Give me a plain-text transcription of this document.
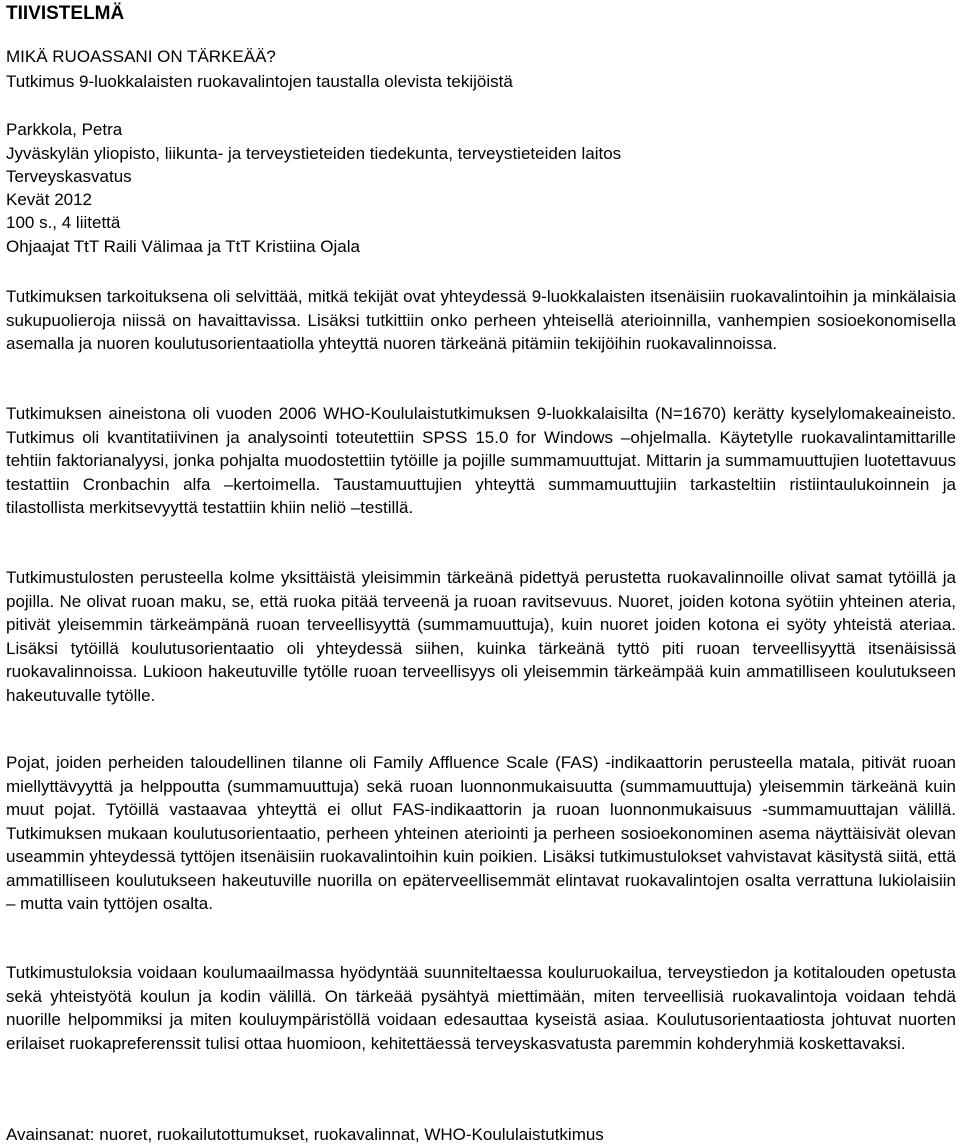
TIIVISTELMÄ
MIKÄ RUOASSANI ON TÄRKEÄÄ?
Tutkimus 9-luokkalaisten ruokavalintojen taustalla olevista tekijöistä
Parkkola, Petra
Jyväskylän yliopisto, liikunta- ja terveystieteiden tiedekunta, terveystieteiden laitos
Terveyskasvatus
Kevät 2012
100 s., 4 liitettä
Ohjaajat TtT Raili Välimaa ja TtT Kristiina Ojala
Tutkimuksen tarkoituksena oli selvittää, mitkä tekijät ovat yhteydessä 9-luokkalaisten itsenäisiin ruokavalintoihin ja minkälaisia sukupuolieroja niissä on havaittavissa. Lisäksi tutkittiin onko perheen yhteisellä aterioinnilla, vanhempien sosioekonomisella asemalla ja nuoren koulutusorientaatiolla yhteyttä nuoren tärkeänä pitämiin tekijöihin ruokavalinnoissa.
Tutkimuksen aineistona oli vuoden 2006 WHO-Koululaistutkimuksen 9-luokkalaisilta (N=1670) kerätty kyselylomakeaineisto. Tutkimus oli kvantitatiivinen ja analysointi toteutettiin SPSS 15.0 for Windows –ohjelmalla. Käytetylle ruokavalintamittarille tehtiin faktorianalyysi, jonka pohjalta muodostettiin tytöille ja pojille summamuuttujat. Mittarin ja summamuuttujien luotettavuus testattiin Cronbachin alfa –kertoimella. Taustamuuttujien yhteyttä summamuuttujiin tarkasteltiin ristiintaulukoinnein ja tilastollista merkitsevyyttä testattiin khiin neliö –testillä.
Tutkimustulosten perusteella kolme yksittäistä yleisimmin tärkeänä pidettyä perustetta ruokavalinnoille olivat samat tytöillä ja pojilla. Ne olivat ruoan maku, se, että ruoka pitää terveenä ja ruoan ravitsevuus. Nuoret, joiden kotona syötiin yhteinen ateria, pitivät yleisemmin tärkeämpänä ruoan terveellisyyttä (summamuuttuja), kuin nuoret joiden kotona ei syöty yhteistä ateriaa. Lisäksi tytöillä koulutusorientaatio oli yhteydessä siihen, kuinka tärkeänä tyttö piti ruoan terveellisyyttä itsenäisissä ruokavalinnoissa. Lukioon hakeutuville tytölle ruoan terveellisyys oli yleisemmin tärkeämpää kuin ammatilliseen koulutukseen hakeutuvalle tytölle.
Pojat, joiden perheiden taloudellinen tilanne oli Family Affluence Scale (FAS) -indikaattorin perusteella matala, pitivät ruoan miellyttävyyttä ja helppoutta (summamuuttuja) sekä ruoan luonnonmukaisuutta (summamuuttuja) yleisemmin tärkeänä kuin muut pojat. Tytöillä vastaavaa yhteyttä ei ollut FAS-indikaattorin ja ruoan luonnonmukaisuus -summamuuttajan välillä. Tutkimuksen mukaan koulutusorientaatio, perheen yhteinen ateriointi ja perheen sosioekonominen asema näyttäisivät olevan useammin yhteydessä tyttöjen itsenäisiin ruokavalintoihin kuin poikien. Lisäksi tutkimustulokset vahvistavat käsitystä siitä, että ammatilliseen koulutukseen hakeutuville nuorilla on epäterveellisemmät elintavat ruokavalintojen osalta verrattuna lukiolaisiin – mutta vain tyttöjen osalta.
Tutkimustuloksia voidaan koulumaailmassa hyödyntää suunniteltaessa kouluruokailua, terveystiedon ja kotitalouden opetusta sekä yhteistyötä koulun ja kodin välillä. On tärkeää pysähtyä miettimään, miten terveellisiä ruokavalintoja voidaan tehdä nuorille helpommiksi ja miten kouluympäristöllä voidaan edesauttaa kyseistä asiaa. Koulutusorientaatiosta johtuvat nuorten erilaiset ruokapreferenssit tulisi ottaa huomioon, kehitettäessä terveyskasvatusta paremmin kohderyhmiä koskettavaksi.
Avainsanat: nuoret, ruokailutottumukset, ruokavalinnat, WHO-Koululaistutkimus
